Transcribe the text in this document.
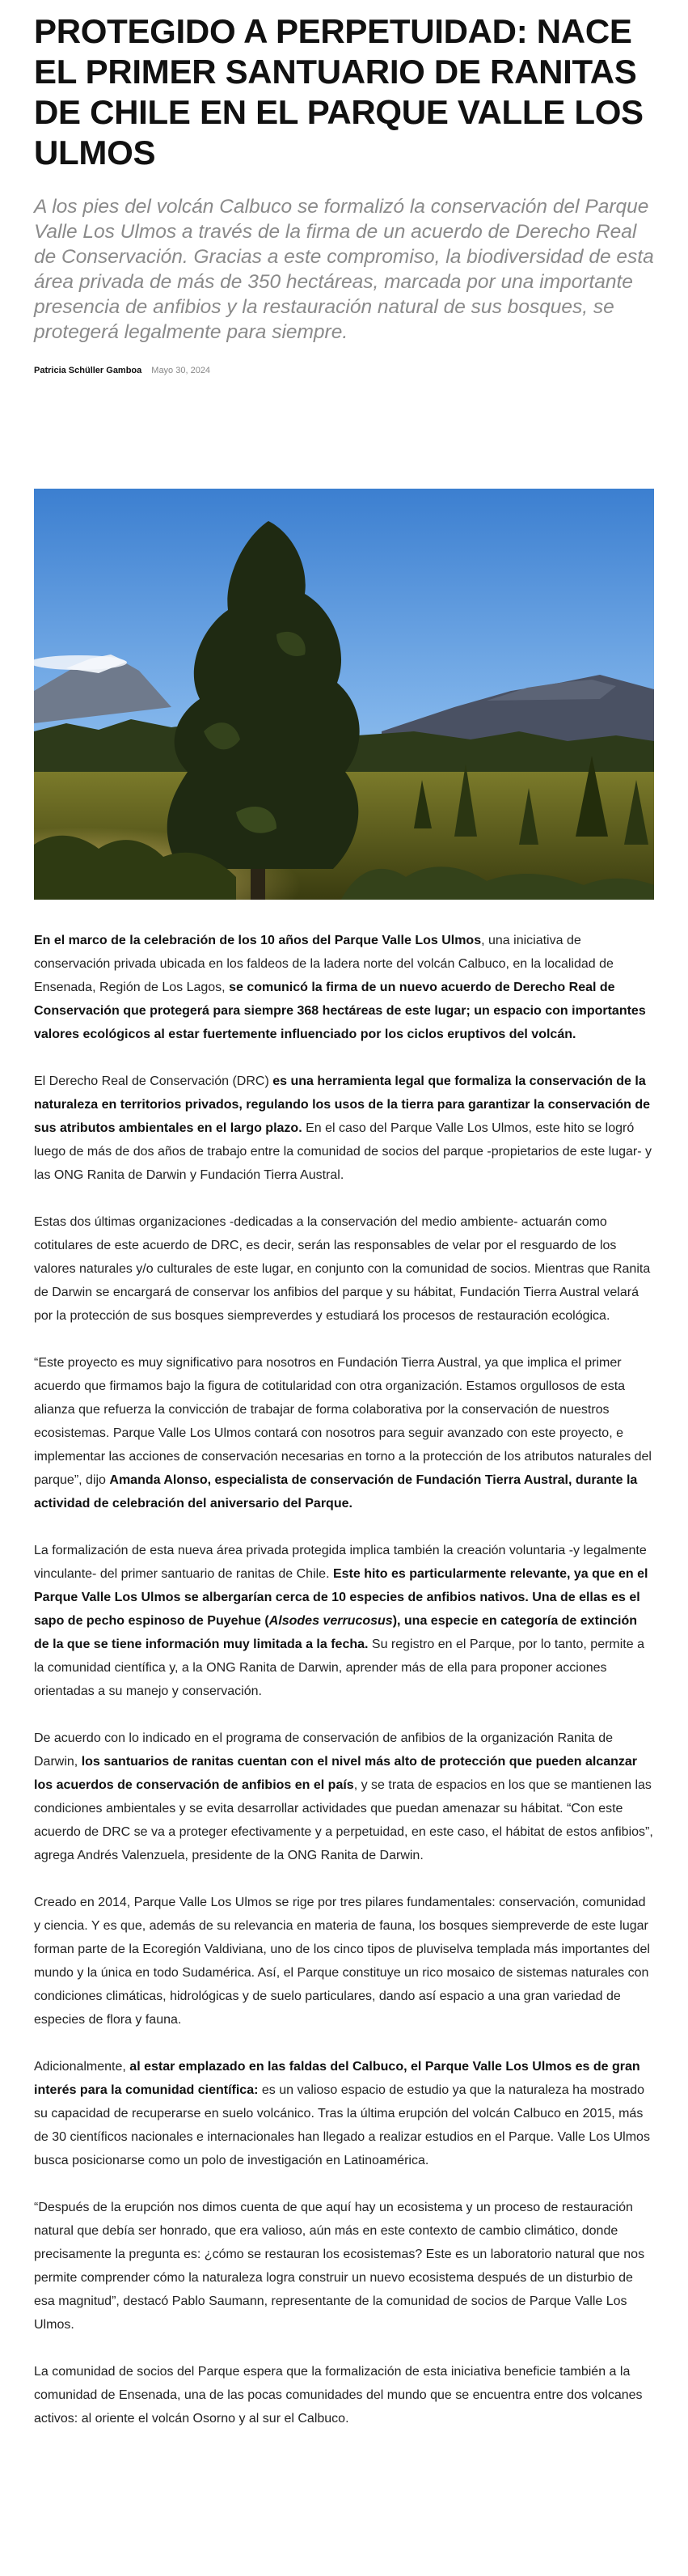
PROTEGIDO A PERPETUIDAD: NACE EL PRIMER SANTUARIO DE RANITAS DE CHILE EN EL PARQUE VALLE LOS ULMOS

A los pies del volcán Calbuco se formalizó la conservación del Parque Valle Los Ulmos a través de la firma de un acuerdo de Derecho Real de Conservación. Gracias a este compromiso, la biodiversidad de esta área privada de más de 350 hectáreas, marcada por una importante presencia de anfibios y la restauración natural de sus bosques, se protegerá legalmente para siempre.

Patricia Schüller Gamboa Mayo 30, 2024

En el marco de la celebración de los 10 años del Parque Valle Los Ulmos, una iniciativa de conservación privada ubicada en los faldeos de la ladera norte del volcán Calbuco, en la localidad de Ensenada, Región de Los Lagos, se comunicó la firma de un nuevo acuerdo de Derecho Real de Conservación que protegerá para siempre 368 hectáreas de este lugar; un espacio con importantes valores ecológicos al estar fuertemente influenciado por los ciclos eruptivos del volcán.

El Derecho Real de Conservación (DRC) es una herramienta legal que formaliza la conservación de la naturaleza en territorios privados, regulando los usos de la tierra para garantizar la conservación de sus atributos ambientales en el largo plazo. En el caso del Parque Valle Los Ulmos, este hito se logró luego de más de dos años de trabajo entre la comunidad de socios del parque -propietarios de este lugar- y las ONG Ranita de Darwin y Fundación Tierra Austral.

Estas dos últimas organizaciones -dedicadas a la conservación del medio ambiente- actuarán como cotitulares de este acuerdo de DRC, es decir, serán las responsables de velar por el resguardo de los valores naturales y/o culturales de este lugar, en conjunto con la comunidad de socios. Mientras que Ranita de Darwin se encargará de conservar los anfibios del parque y su hábitat, Fundación Tierra Austral velará por la protección de sus bosques siempreverdes y estudiará los procesos de restauración ecológica.

“Este proyecto es muy significativo para nosotros en Fundación Tierra Austral, ya que implica el primer acuerdo que firmamos bajo la figura de cotitularidad con otra organización. Estamos orgullosos de esta alianza que refuerza la convicción de trabajar de forma colaborativa por la conservación de nuestros ecosistemas. Parque Valle Los Ulmos contará con nosotros para seguir avanzado con este proyecto, e implementar las acciones de conservación necesarias en torno a la protección de los atributos naturales del parque”, dijo Amanda Alonso, especialista de conservación de Fundación Tierra Austral, durante la actividad de celebración del aniversario del Parque.

La formalización de esta nueva área privada protegida implica también la creación voluntaria -y legalmente vinculante- del primer santuario de ranitas de Chile. Este hito es particularmente relevante, ya que en el Parque Valle Los Ulmos se albergarían cerca de 10 especies de anfibios nativos. Una de ellas es el sapo de pecho espinoso de Puyehue (Alsodes verrucosus), una especie en categoría de extinción de la que se tiene información muy limitada a la fecha. Su registro en el Parque, por lo tanto, permite a la comunidad científica y, a la ONG Ranita de Darwin, aprender más de ella para proponer acciones orientadas a su manejo y conservación.

De acuerdo con lo indicado en el programa de conservación de anfibios de la organización Ranita de Darwin, los santuarios de ranitas cuentan con el nivel más alto de protección que pueden alcanzar los acuerdos de conservación de anfibios en el país, y se trata de espacios en los que se mantienen las condiciones ambientales y se evita desarrollar actividades que puedan amenazar su hábitat. “Con este acuerdo de DRC se va a proteger efectivamente y a perpetuidad, en este caso, el hábitat de estos anfibios”, agrega Andrés Valenzuela, presidente de la ONG Ranita de Darwin.

Creado en 2014, Parque Valle Los Ulmos se rige por tres pilares fundamentales: conservación, comunidad y ciencia. Y es que, además de su relevancia en materia de fauna, los bosques siempreverde de este lugar forman parte de la Ecoregión Valdiviana, uno de los cinco tipos de pluviselva templada más importantes del mundo y la única en todo Sudamérica. Así, el Parque constituye un rico mosaico de sistemas naturales con condiciones climáticas, hidrológicas y de suelo particulares, dando así espacio a una gran variedad de especies de flora y fauna.

Adicionalmente, al estar emplazado en las faldas del Calbuco, el Parque Valle Los Ulmos es de gran interés para la comunidad científica: es un valioso espacio de estudio ya que la naturaleza ha mostrado su capacidad de recuperarse en suelo volcánico. Tras la última erupción del volcán Calbuco en 2015, más de 30 científicos nacionales e internacionales han llegado a realizar estudios en el Parque. Valle Los Ulmos busca posicionarse como un polo de investigación en Latinoamérica.

“Después de la erupción nos dimos cuenta de que aquí hay un ecosistema y un proceso de restauración natural que debía ser honrado, que era valioso, aún más en este contexto de cambio climático, donde precisamente la pregunta es: ¿cómo se restauran los ecosistemas? Este es un laboratorio natural que nos permite comprender cómo la naturaleza logra construir un nuevo ecosistema después de un disturbio de esa magnitud”, destacó Pablo Saumann, representante de la comunidad de socios de Parque Valle Los Ulmos.

La comunidad de socios del Parque espera que la formalización de esta iniciativa beneficie también a la comunidad de Ensenada, una de las pocas comunidades del mundo que se encuentra entre dos volcanes activos: al oriente el volcán Osorno y al sur el Calbuco.
